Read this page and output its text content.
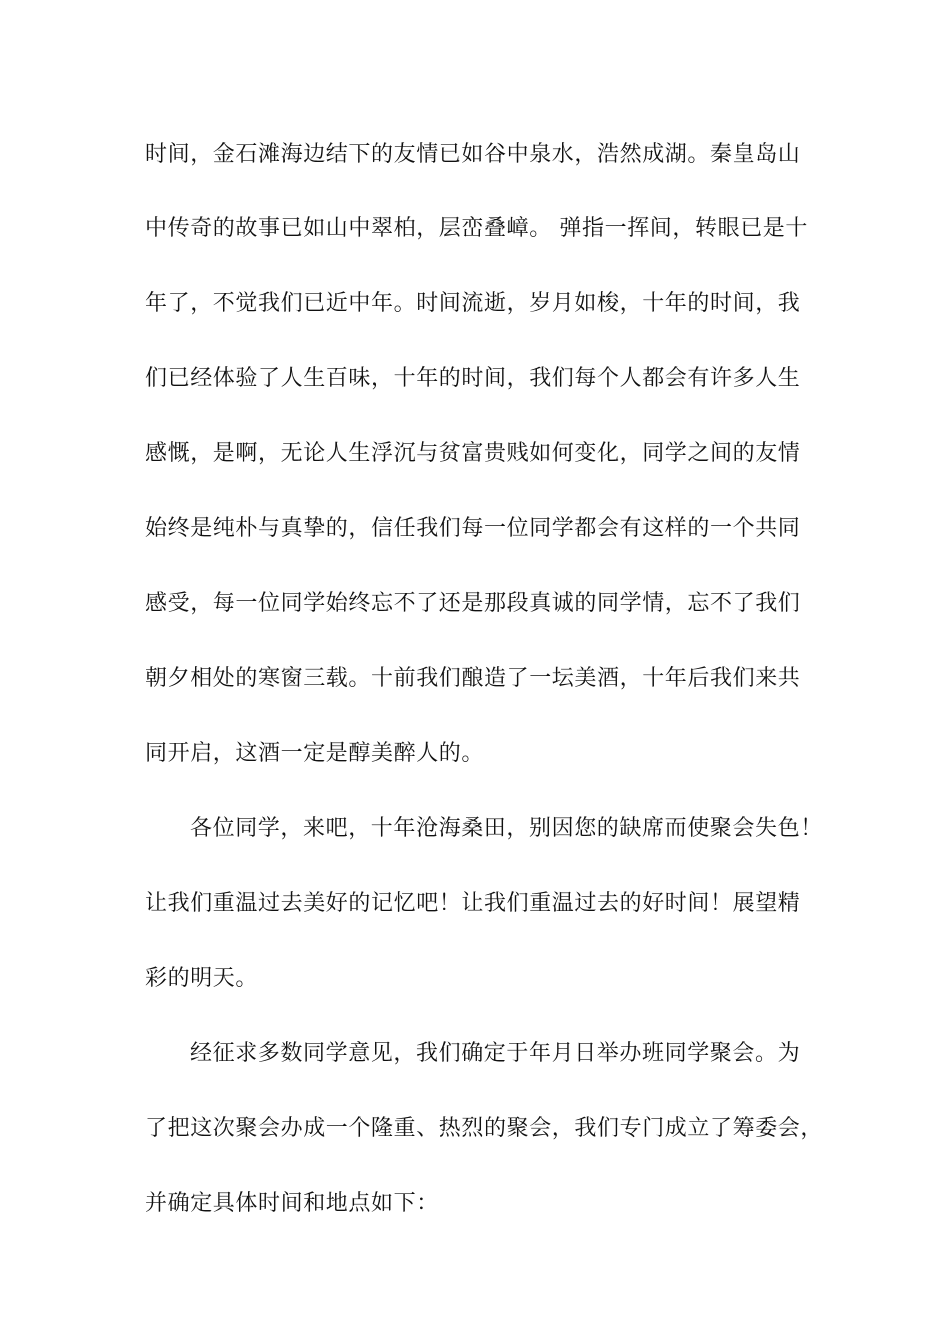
时间，金石滩海边结下的友情已如谷中泉水，浩然成湖。秦皇岛山
中传奇的故事已如山中翠柏，层峦叠嶂。 弹指一挥间，转眼已是十
年了，不觉我们已近中年。时间流逝，岁月如梭，十年的时间，我
们已经体验了人生百味，十年的时间，我们每个人都会有许多人生
感慨，是啊，无论人生浮沉与贫富贵贱如何变化，同学之间的友情
始终是纯朴与真挚的，信任我们每一位同学都会有这样的一个共同
感受，每一位同学始终忘不了还是那段真诚的同学情，忘不了我们
朝夕相处的寒窗三载。十前我们酿造了一坛美酒，十年后我们来共
同开启，这酒一定是醇美醉人的。
各位同学，来吧，十年沧海桑田，别因您的缺席而使聚会失色！
让我们重温过去美好的记忆吧！让我们重温过去的好时间！展望精
彩的明天。
经征求多数同学意见，我们确定于年月日举办班同学聚会。为
了把这次聚会办成一个隆重、热烈的聚会，我们专门成立了筹委会，
并确定具体时间和地点如下：
